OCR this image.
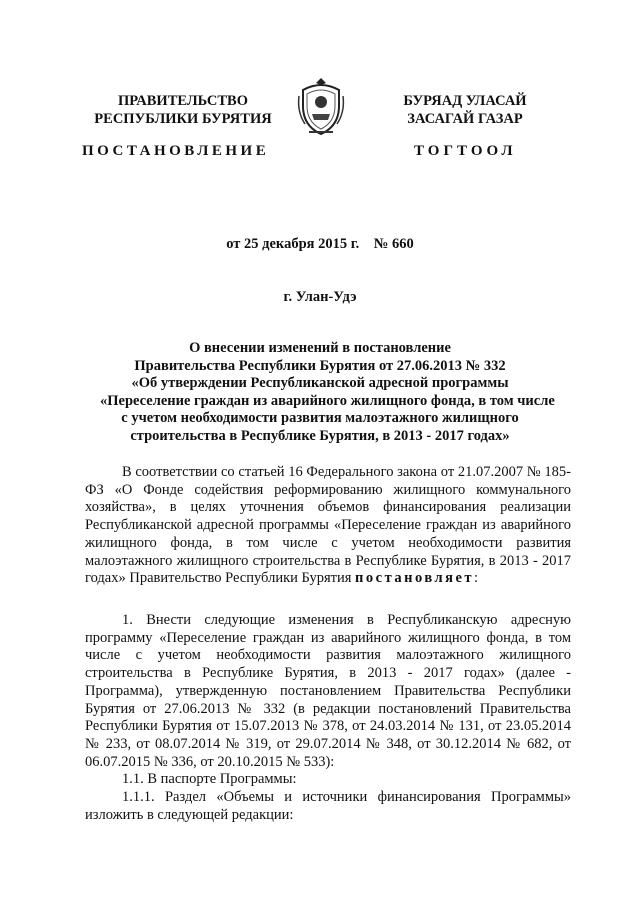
ПРАВИТЕЛЬСТВО
РЕСПУБЛИКИ БУРЯТИЯ
БУРЯАД УЛАСАЙ
ЗАСАГАЙ ГАЗАР
ПОСТАНОВЛЕНИЕ	ТОГТООЛ
от 25 декабря 2015 г.    № 660
г. Улан-Удэ
О внесении изменений в постановление
Правительства Республики Бурятия от 27.06.2013 № 332
«Об утверждении Республиканской адресной программы
«Переселение граждан из аварийного жилищного фонда, в том числе
с учетом необходимости развития малоэтажного жилищного
строительства в Республике Бурятия, в 2013 - 2017 годах»

В соответствии со статьей 16 Федерального закона от 21.07.2007 № 185-ФЗ «О Фонде содействия реформированию жилищного коммунального хозяйства», в целях уточнения объемов финансирования реализации Республиканской адресной программы «Переселение граждан из аварийного жилищного фонда, в том числе с учетом необходимости развития малоэтажного жилищного строительства в Республике Бурятия, в 2013 - 2017 годах» Правительство Республики Бурятия постановляет:

1. Внести следующие изменения в Республиканскую адресную программу «Переселение граждан из аварийного жилищного фонда, в том числе с учетом необходимости развития малоэтажного жилищного строительства в Республике Бурятия, в 2013 - 2017 годах» (далее - Программа), утвержденную постановлением Правительства Республики Бурятия от 27.06.2013 № 332 (в редакции постановлений Правительства Республики Бурятия от 15.07.2013 № 378, от 24.03.2014 № 131, от 23.05.2014 № 233, от 08.07.2014 № 319, от 29.07.2014 № 348, от 30.12.2014 № 682, от 06.07.2015 № 336, от 20.10.2015 № 533):

1.1. В паспорте Программы:

1.1.1. Раздел «Объемы и источники финансирования Программы» изложить в следующей редакции:
